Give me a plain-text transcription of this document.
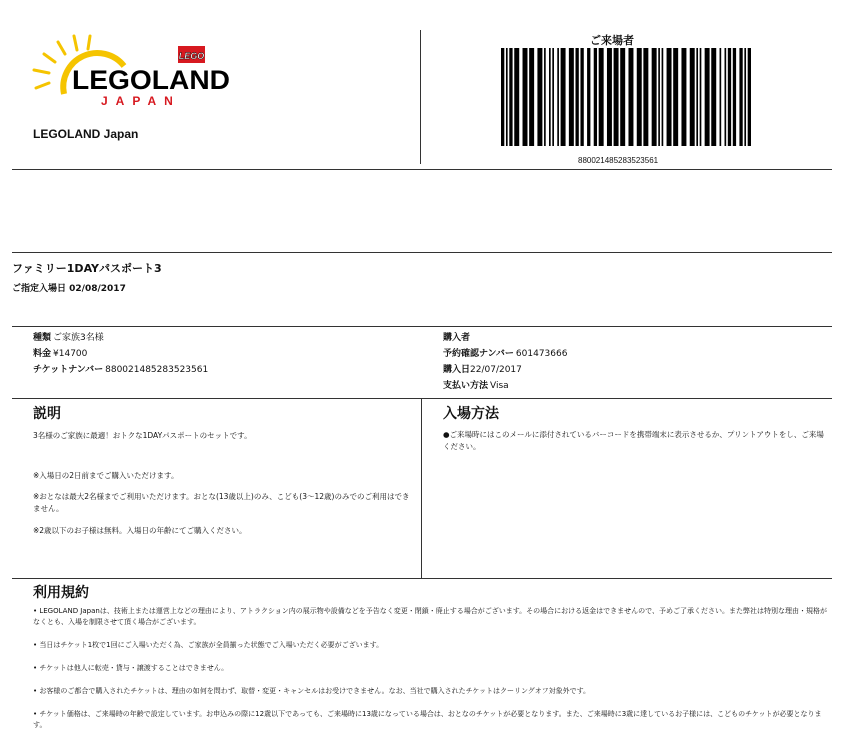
LEGO
LEGOLAND
JAPAN
LEGOLAND Japan
ご来場者
880021485283523561
ファミリー1DAYパスポート3
ご指定入場日 02/08/2017
種類 ご家族3名様
料金 ¥14700
チケットナンバー 880021485283523561
購入者
予約確認ナンバー 601473666
購入日22/07/2017
支払い方法 Visa
説明
3名様のご家族に最適！おトクな1DAYパスポートのセットです。
※入場日の2日前までご購入いただけます。
※おとなは最大2名様までご利用いただけます。おとな(13歳以上)のみ、こども(3～12歳)のみでのご利用はできません。
※2歳以下のお子様は無料。入場日の年齢にてご購入ください。
入場方法
●ご来場時にはこのメールに添付されているバーコードを携帯端末に表示させるか、プリントアウトをし、ご来場ください。
利用規約

• LEGOLAND Japanは、技術上または運営上などの理由により、アトラクション内の展示物や設備などを予告なく変更・閉鎖・廃止する場合がございます。その場合における返金はできませんので、予めご了承ください。また弊社は特別な理由・規格がなくとも、入場を制限させて頂く場合がございます。

• 当日はチケット1枚で1回にご入場いただく為、ご家族が全員揃った状態でご入場いただく必要がございます。

• チケットは他人に転売・貸与・譲渡することはできません。

• お客様のご都合で購入されたチケットは、理由の如何を問わず、取替・変更・キャンセルはお受けできません。なお、当社で購入されたチケットはクーリングオフ対象外です。

• チケット価格は、ご来場時の年齢で設定しています。お申込みの際に12歳以下であっても、ご来場時に13歳になっている場合は、おとなのチケットが必要となります。また、ご来場時に3歳に達しているお子様には、こどものチケットが必要となります。
